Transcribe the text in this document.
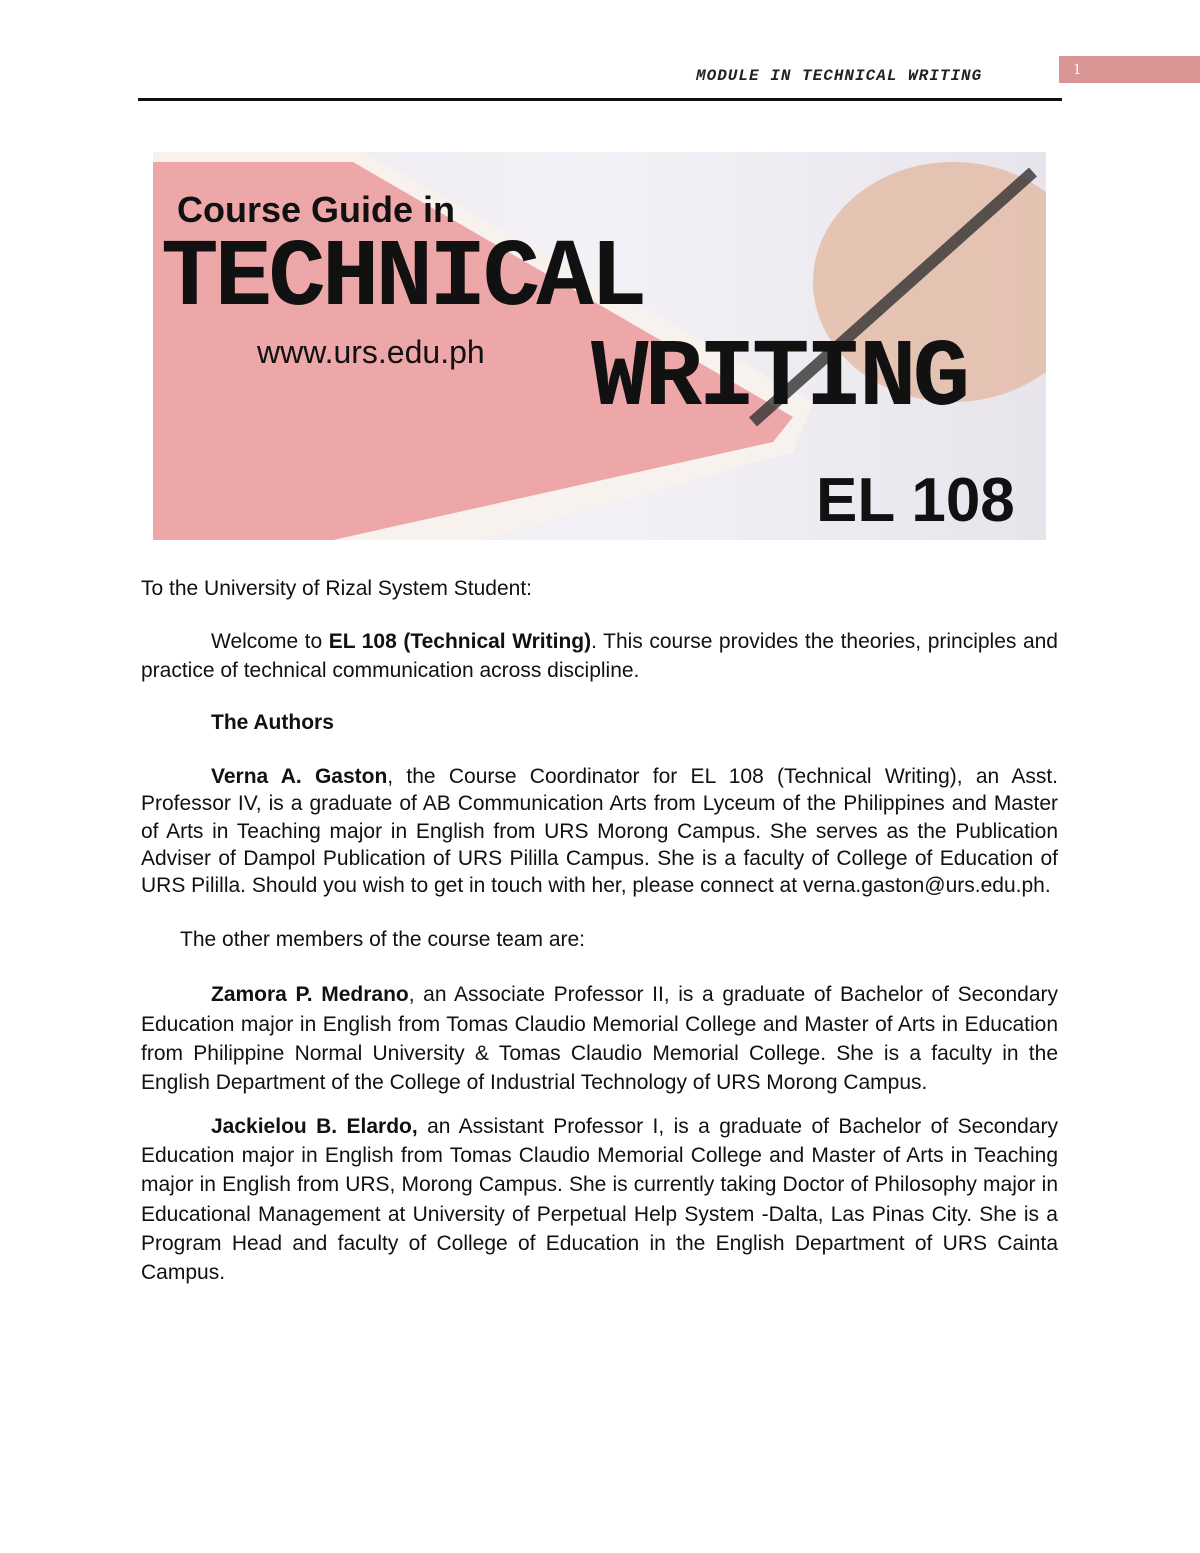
MODULE IN TECHNICAL WRITING	1
Course Guide in
TECHNICAL
www.urs.edu.ph WRITING
EL 108

To the University of Rizal System Student:

Welcome to EL 108 (Technical Writing). This course provides the theories, principles and practice of technical communication across discipline.

The Authors

Verna A. Gaston, the Course Coordinator for EL 108 (Technical Writing), an Asst. Professor IV, is a graduate of AB Communication Arts from Lyceum of the Philippines and Master of Arts in Teaching major in English from URS Morong Campus. She serves as the Publication Adviser of Dampol Publication of URS Pililla Campus. She is a faculty of College of Education of URS Pililla. Should you wish to get in touch with her, please connect at verna.gaston@urs.edu.ph.

The other members of the course team are:

Zamora P. Medrano, an Associate Professor II, is a graduate of Bachelor of Secondary Education major in English from Tomas Claudio Memorial College and Master of Arts in Education from Philippine Normal University & Tomas Claudio Memorial College. She is a faculty in the English Department of the College of Industrial Technology of URS Morong Campus.

Jackielou B. Elardo, an Assistant Professor I, is a graduate of Bachelor of Secondary Education major in English from Tomas Claudio Memorial College and Master of Arts in Teaching major in English from URS, Morong Campus. She is currently taking Doctor of Philosophy major in Educational Management at University of Perpetual Help System -Dalta, Las Pinas City. She is a Program Head and faculty of College of Education in the English Department of URS Cainta Campus.
